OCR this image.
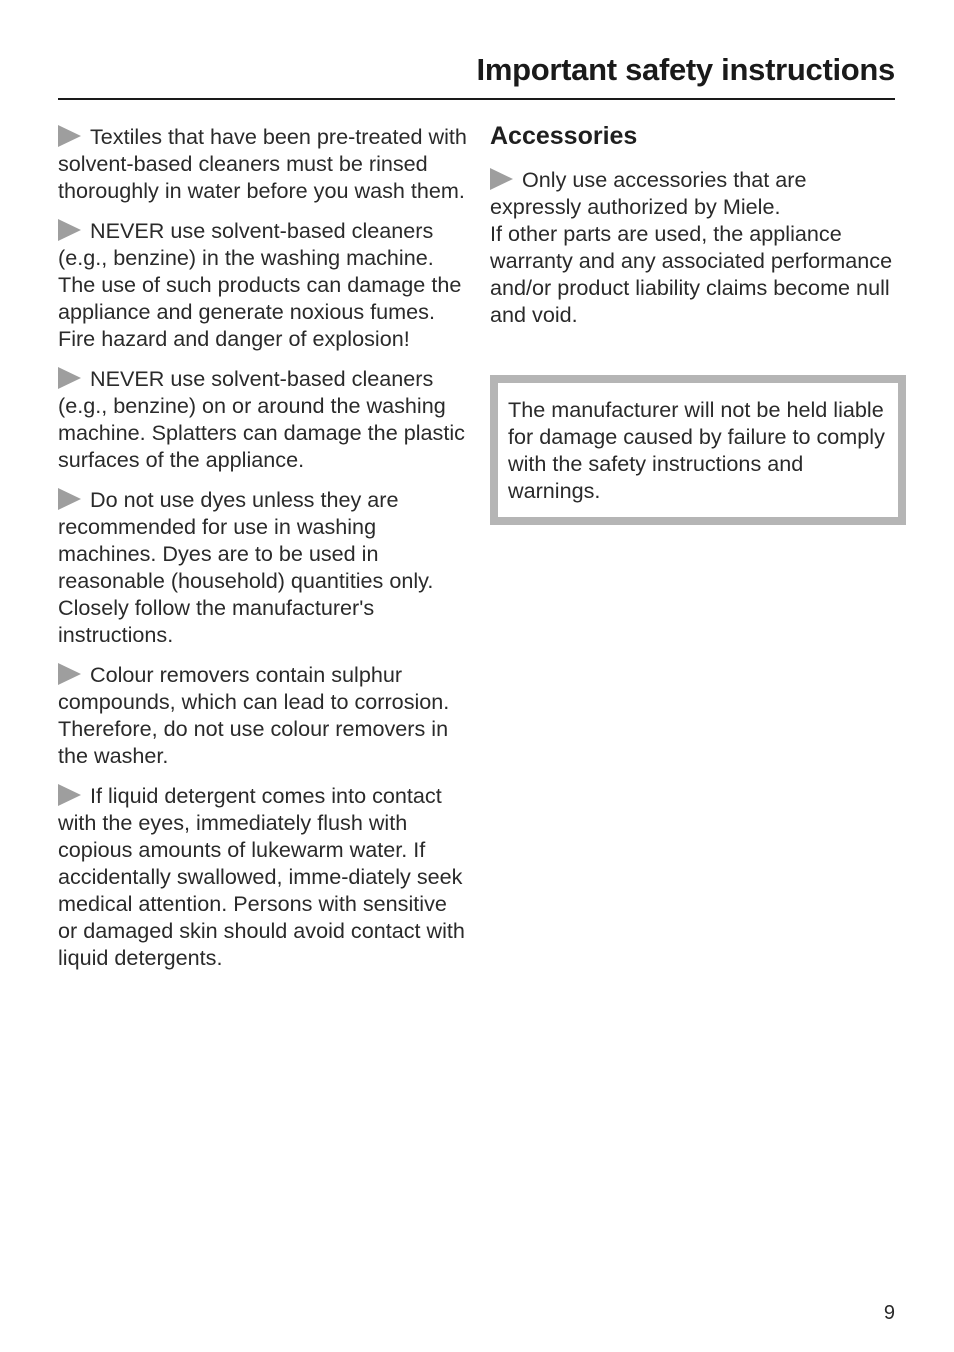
Important safety instructions

Textiles that have been pre-treated with solvent-based cleaners must be rinsed thoroughly in water before you wash them.

NEVER use solvent-based cleaners (e.g., benzine) in the washing machine. The use of such products can damage the appliance and generate noxious fumes. Fire hazard and danger of explosion!

NEVER use solvent-based cleaners (e.g., benzine) on or around the washing machine. Splatters can damage the plastic surfaces of the appliance.

Do not use dyes unless they are recommended for use in washing machines. Dyes are to be used in reasonable (household) quantities only. Closely follow the manufacturer's instructions.

Colour removers contain sulphur compounds, which can lead to corrosion. Therefore, do not use colour removers in the washer.

If liquid detergent comes into contact with the eyes, immediately flush with copious amounts of lukewarm water. If accidentally swallowed, imme-diately seek medical attention. Persons with sensitive or damaged skin should avoid contact with liquid detergents.

Accessories

Only use accessories that are expressly authorized by Miele.
If other parts are used, the appliance warranty and any associated performance and/or product liability claims become null and void.

The manufacturer will not be held liable for damage caused by failure to comply with the safety instructions and warnings.

9
